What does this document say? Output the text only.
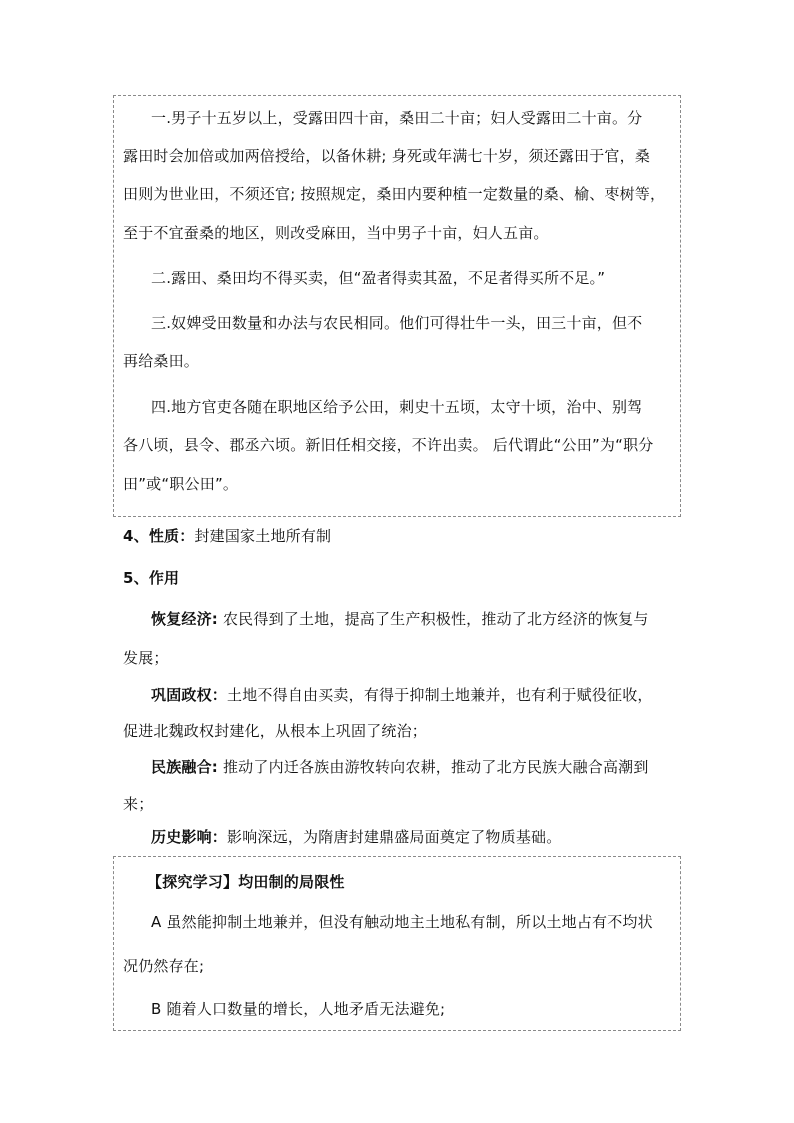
一.男子十五岁以上，受露田四十亩，桑田二十亩；妇人受露田二十亩。分
露田时会加倍或加两倍授给，以备休耕; 身死或年满七十岁，须还露田于官，桑
田则为世业田，不须还官; 按照规定，桑田内要种植一定数量的桑、榆、枣树等，
至于不宜蚕桑的地区，则改受麻田，当中男子十亩，妇人五亩。
二.露田、桑田均不得买卖，但“盈者得卖其盈，不足者得买所不足。”
三.奴婢受田数量和办法与农民相同。他们可得壮牛一头，田三十亩，但不
再给桑田。
四.地方官吏各随在职地区给予公田，刺史十五顷，太守十顷，治中、别驾
各八顷，县令、郡丞六顷。新旧任相交接，不许出卖。 后代谓此“公田”为“职分
田”或“职公田”。
4、性质：封建国家土地所有制
5、作用
恢复经济: 农民得到了土地，提高了生产积极性，推动了北方经济的恢复与
发展；
巩固政权：土地不得自由买卖，有得于抑制土地兼并，也有利于赋役征收，
促进北魏政权封建化，从根本上巩固了统治；
民族融合: 推动了内迁各族由游牧转向农耕，推动了北方民族大融合高潮到
来；
历史影响：影响深远，为隋唐封建鼎盛局面奠定了物质基础。
【探究学习】均田制的局限性
A 虽然能抑制土地兼并，但没有触动地主土地私有制，所以土地占有不均状
况仍然存在;
B 随着人口数量的增长，人地矛盾无法避免;
